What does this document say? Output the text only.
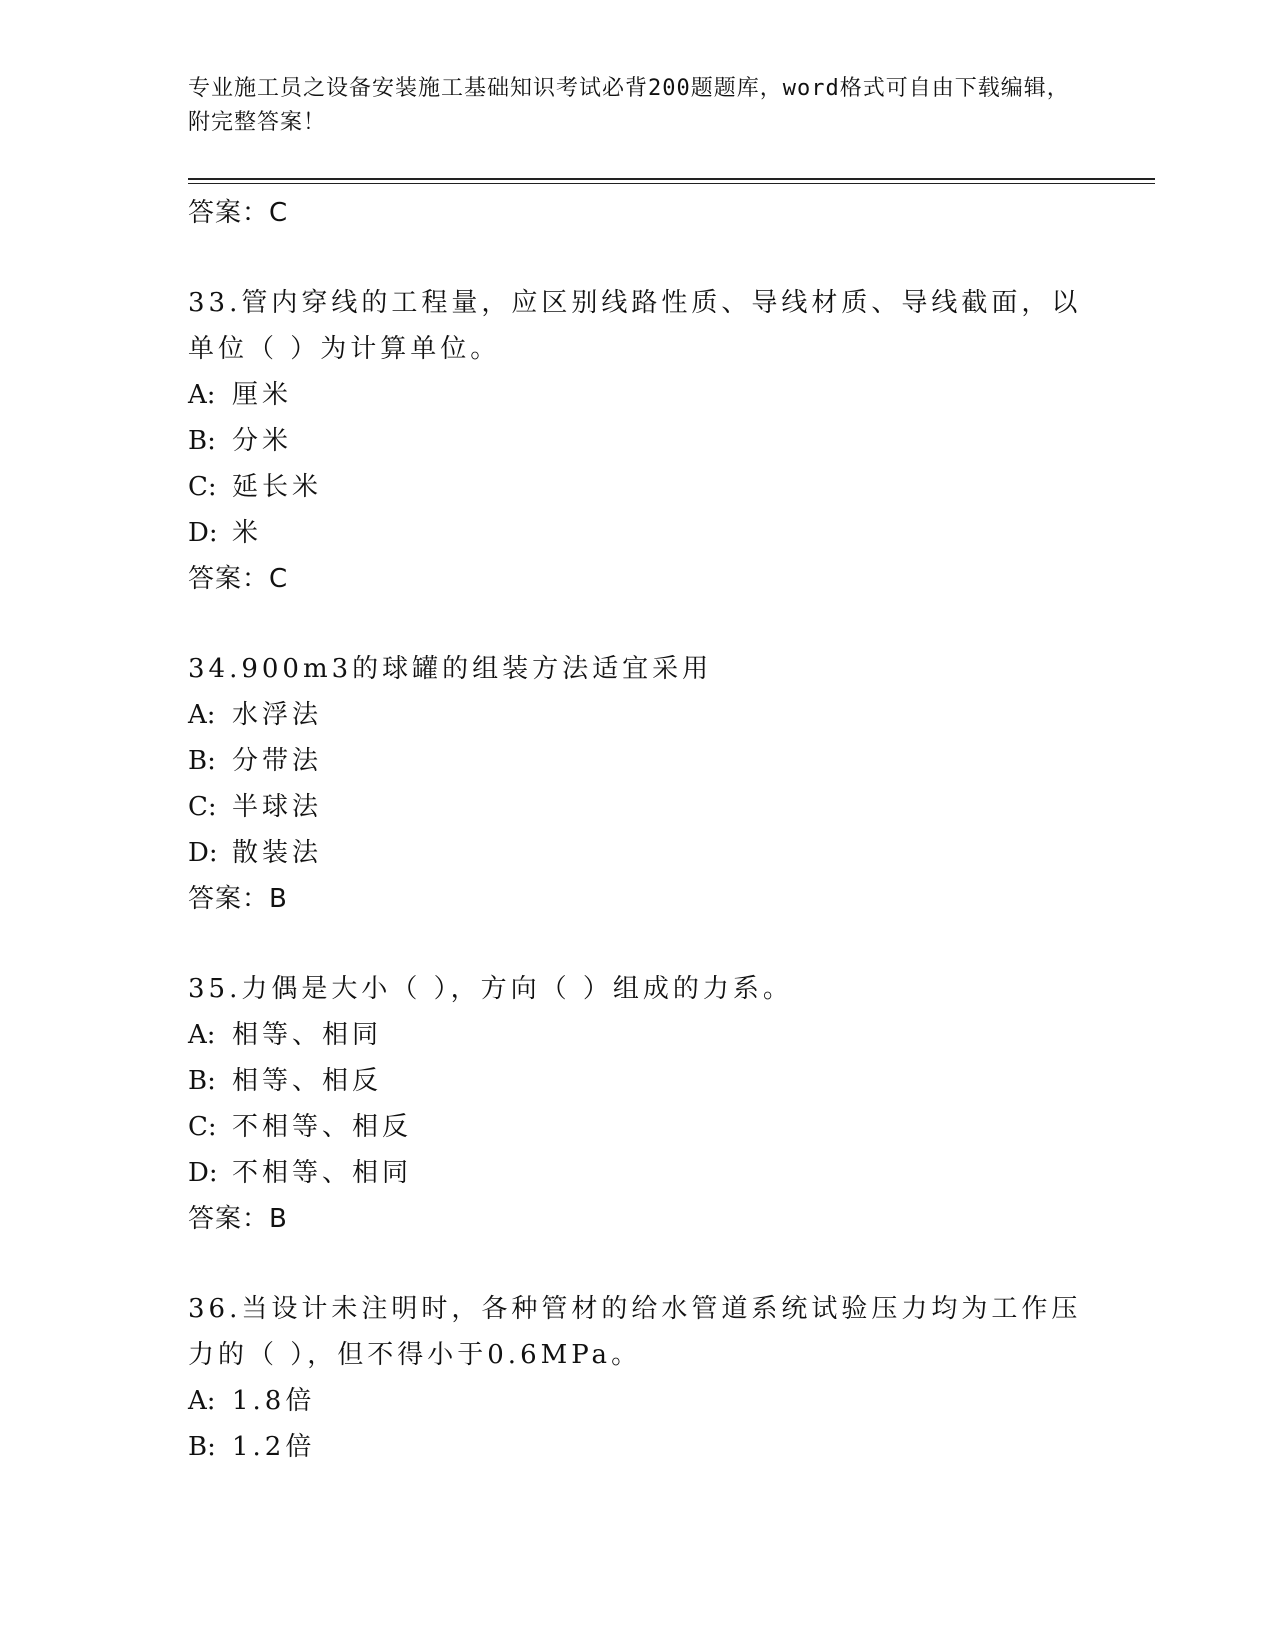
专业施工员之设备安装施工基础知识考试必背200题题库，word格式可自由下载编辑，附完整答案！
答案：C
33.管内穿线的工程量，应区别线路性质、导线材质、导线截面，以单位（ ）为计算单位。
A: 厘米
B: 分米
C: 延长米
D: 米
答案：C
34.900m3的球罐的组装方法适宜采用
A: 水浮法
B: 分带法
C: 半球法
D: 散装法
答案：B
35.力偶是大小（ ），方向（ ）组成的力系。
A: 相等、相同
B: 相等、相反
C: 不相等、相反
D: 不相等、相同
答案：B
36.当设计未注明时，各种管材的给水管道系统试验压力均为工作压力的（ ），但不得小于0.6MPa。
A: 1.8倍
B: 1.2倍
